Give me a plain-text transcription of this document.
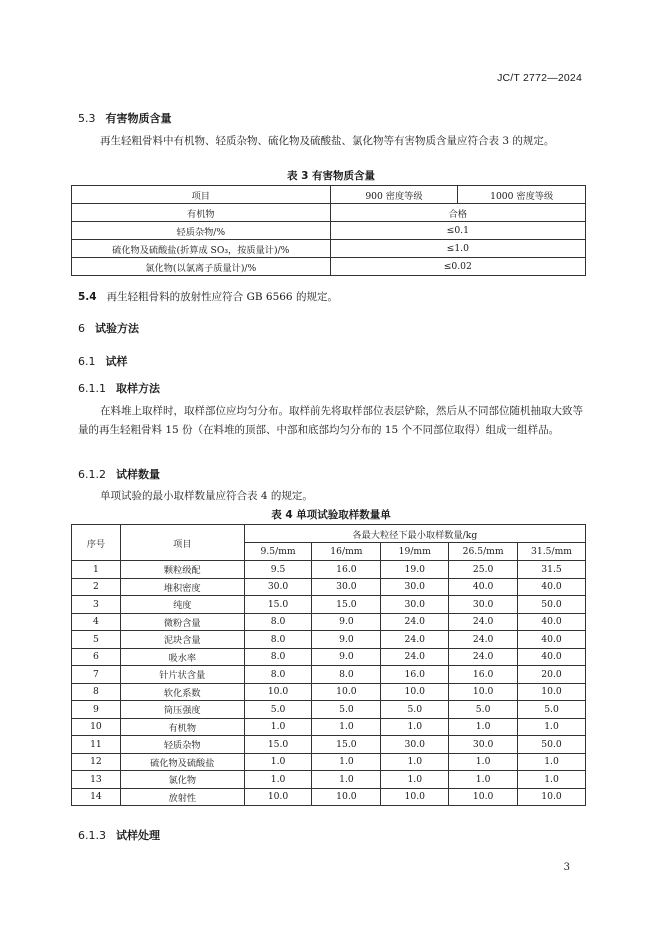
JC/T 2772—2024
5.3 有害物质含量

再生轻粗骨料中有机物、轻质杂物、硫化物及硫酸盐、氯化物等有害物质含量应符合表 3 的规定。

表 3 有害物质含量
项目	900 密度等级	1000 密度等级
有机物	合格	
轻质杂物/%	≤0.1	
硫化物及硫酸盐(折算成 SO₃，按质量计)/%	≤1.0	
氯化物(以氯离子质量计)/%	≤0.02	
5.4 再生轻粗骨料的放射性应符合 GB 6566 的规定。
6 试验方法
6.1 试样
6.1.1 取样方法

在料堆上取样时，取样部位应均匀分布。取样前先将取样部位表层铲除，然后从不同部位随机抽取大致等量的再生轻粗骨料 15 份（在料堆的顶部、中部和底部均匀分布的 15 个不同部位取得）组成一组样品。

6.1.2 试样数量

单项试验的最小取样数量应符合表 4 的规定。

表 4 单项试验取样数量单
序号	项目	各最大粒径下最小取样数量/kg				
		9.5/mm	16/mm	19/mm	26.5/mm	31.5/mm
1	颗粒级配	9.5	16.0	19.0	25.0	31.5
2	堆积密度	30.0	30.0	30.0	40.0	40.0
3	纯度	15.0	15.0	30.0	30.0	50.0
4	微粉含量	8.0	9.0	24.0	24.0	40.0
5	泥块含量	8.0	9.0	24.0	24.0	40.0
6	吸水率	8.0	9.0	24.0	24.0	40.0
7	针片状含量	8.0	8.0	16.0	16.0	20.0
8	软化系数	10.0	10.0	10.0	10.0	10.0
9	筒压强度	5.0	5.0	5.0	5.0	5.0
10	有机物	1.0	1.0	1.0	1.0	1.0
11	轻质杂物	15.0	15.0	30.0	30.0	50.0
12	硫化物及硫酸盐	1.0	1.0	1.0	1.0	1.0
13	氯化物	1.0	1.0	1.0	1.0	1.0
14	放射性	10.0	10.0	10.0	10.0	10.0
6.1.3 试样处理
3
